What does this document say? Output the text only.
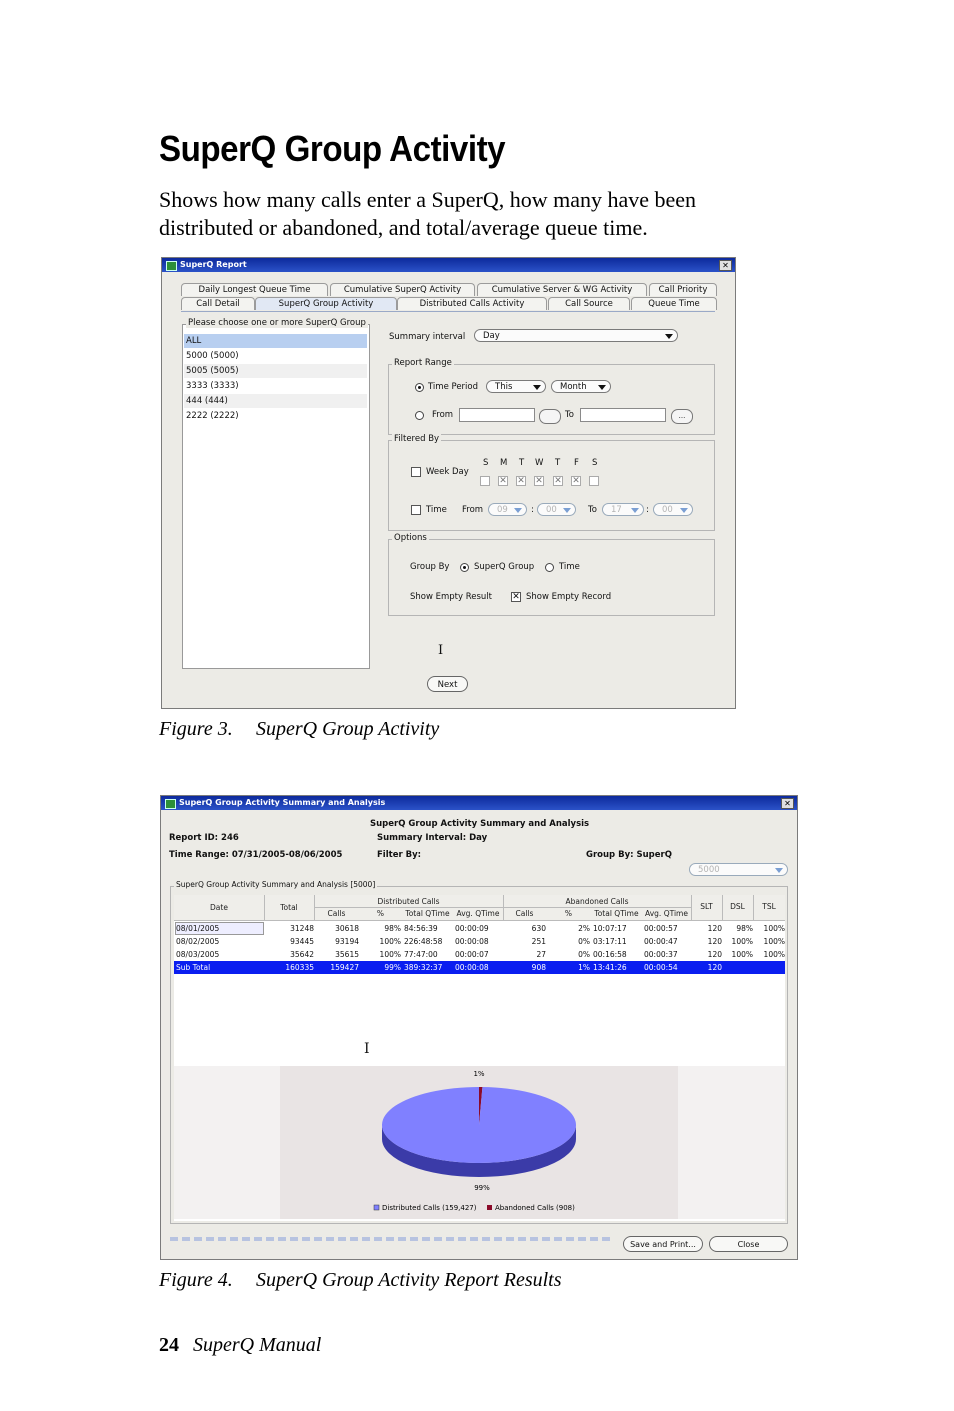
SuperQ Group Activity

Shows how many calls enter a SuperQ, how many have been distributed or abandoned, and total/average queue time.

SuperQ Report	✕
Daily Longest Queue Time	Cumulative SuperQ Activity	Cumulative Server & WG Activity	Call Priority
Call Detail	SuperQ Group Activity	Distributed Calls Activity	Call Source	Queue Time
Please choose one or more SuperQ Group
ALL
5000 (5000)
5005 (5005)
3333 (3333)
444 (444)
2222 (2222)
Summary interval	Day
Report Range
Time Period	This	Month
From	To	...
Filtered By
Week Day
S M T W T F S
✕ ✕ ✕ ✕ ✕
Time From	09	:	00	To	17	:	00
Options
Group By	SuperQ Group	Time
Show Empty Result ✕ Show Empty Record
I
Next
Figure 3. SuperQ Group Activity
SuperQ Group Activity Summary and Analysis	✕
SuperQ Group Activity Summary and Analysis
Report ID: 246	Summary Interval: Day
Time Range: 07/31/2005-08/06/2005	Filter By:	Group By: SuperQ
5000
SuperQ Group Activity Summary and Analysis [5000]
Date	Total
Distributed Calls	Abandoned Calls
Calls	%	Total QTime Avg. QTime	Calls	%	Total QTime Avg. QTime
SLT	DSL	TSL
08/01/2005	31248	30618	98% 84:56:39	00:00:09	630	2% 10:07:17	00:00:57	120	98%	100%
08/02/2005	93445	93194	100% 226:48:58	00:00:08	251	0% 03:17:11	00:00:47	120	100%	100%
08/03/2005	35642	35615	100% 77:47:00	00:00:07	27	0% 00:16:58	00:00:37	120	100%	100%
Sub Total	160335	159427	99% 389:32:37	00:00:08	908	1% 13:41:26	00:00:54	120
1%
99%
Distributed Calls (159,427)	Abandoned Calls (908)
I
Save and Print...	Close
Figure 4. SuperQ Group Activity Report Results
24 SuperQ Manual
